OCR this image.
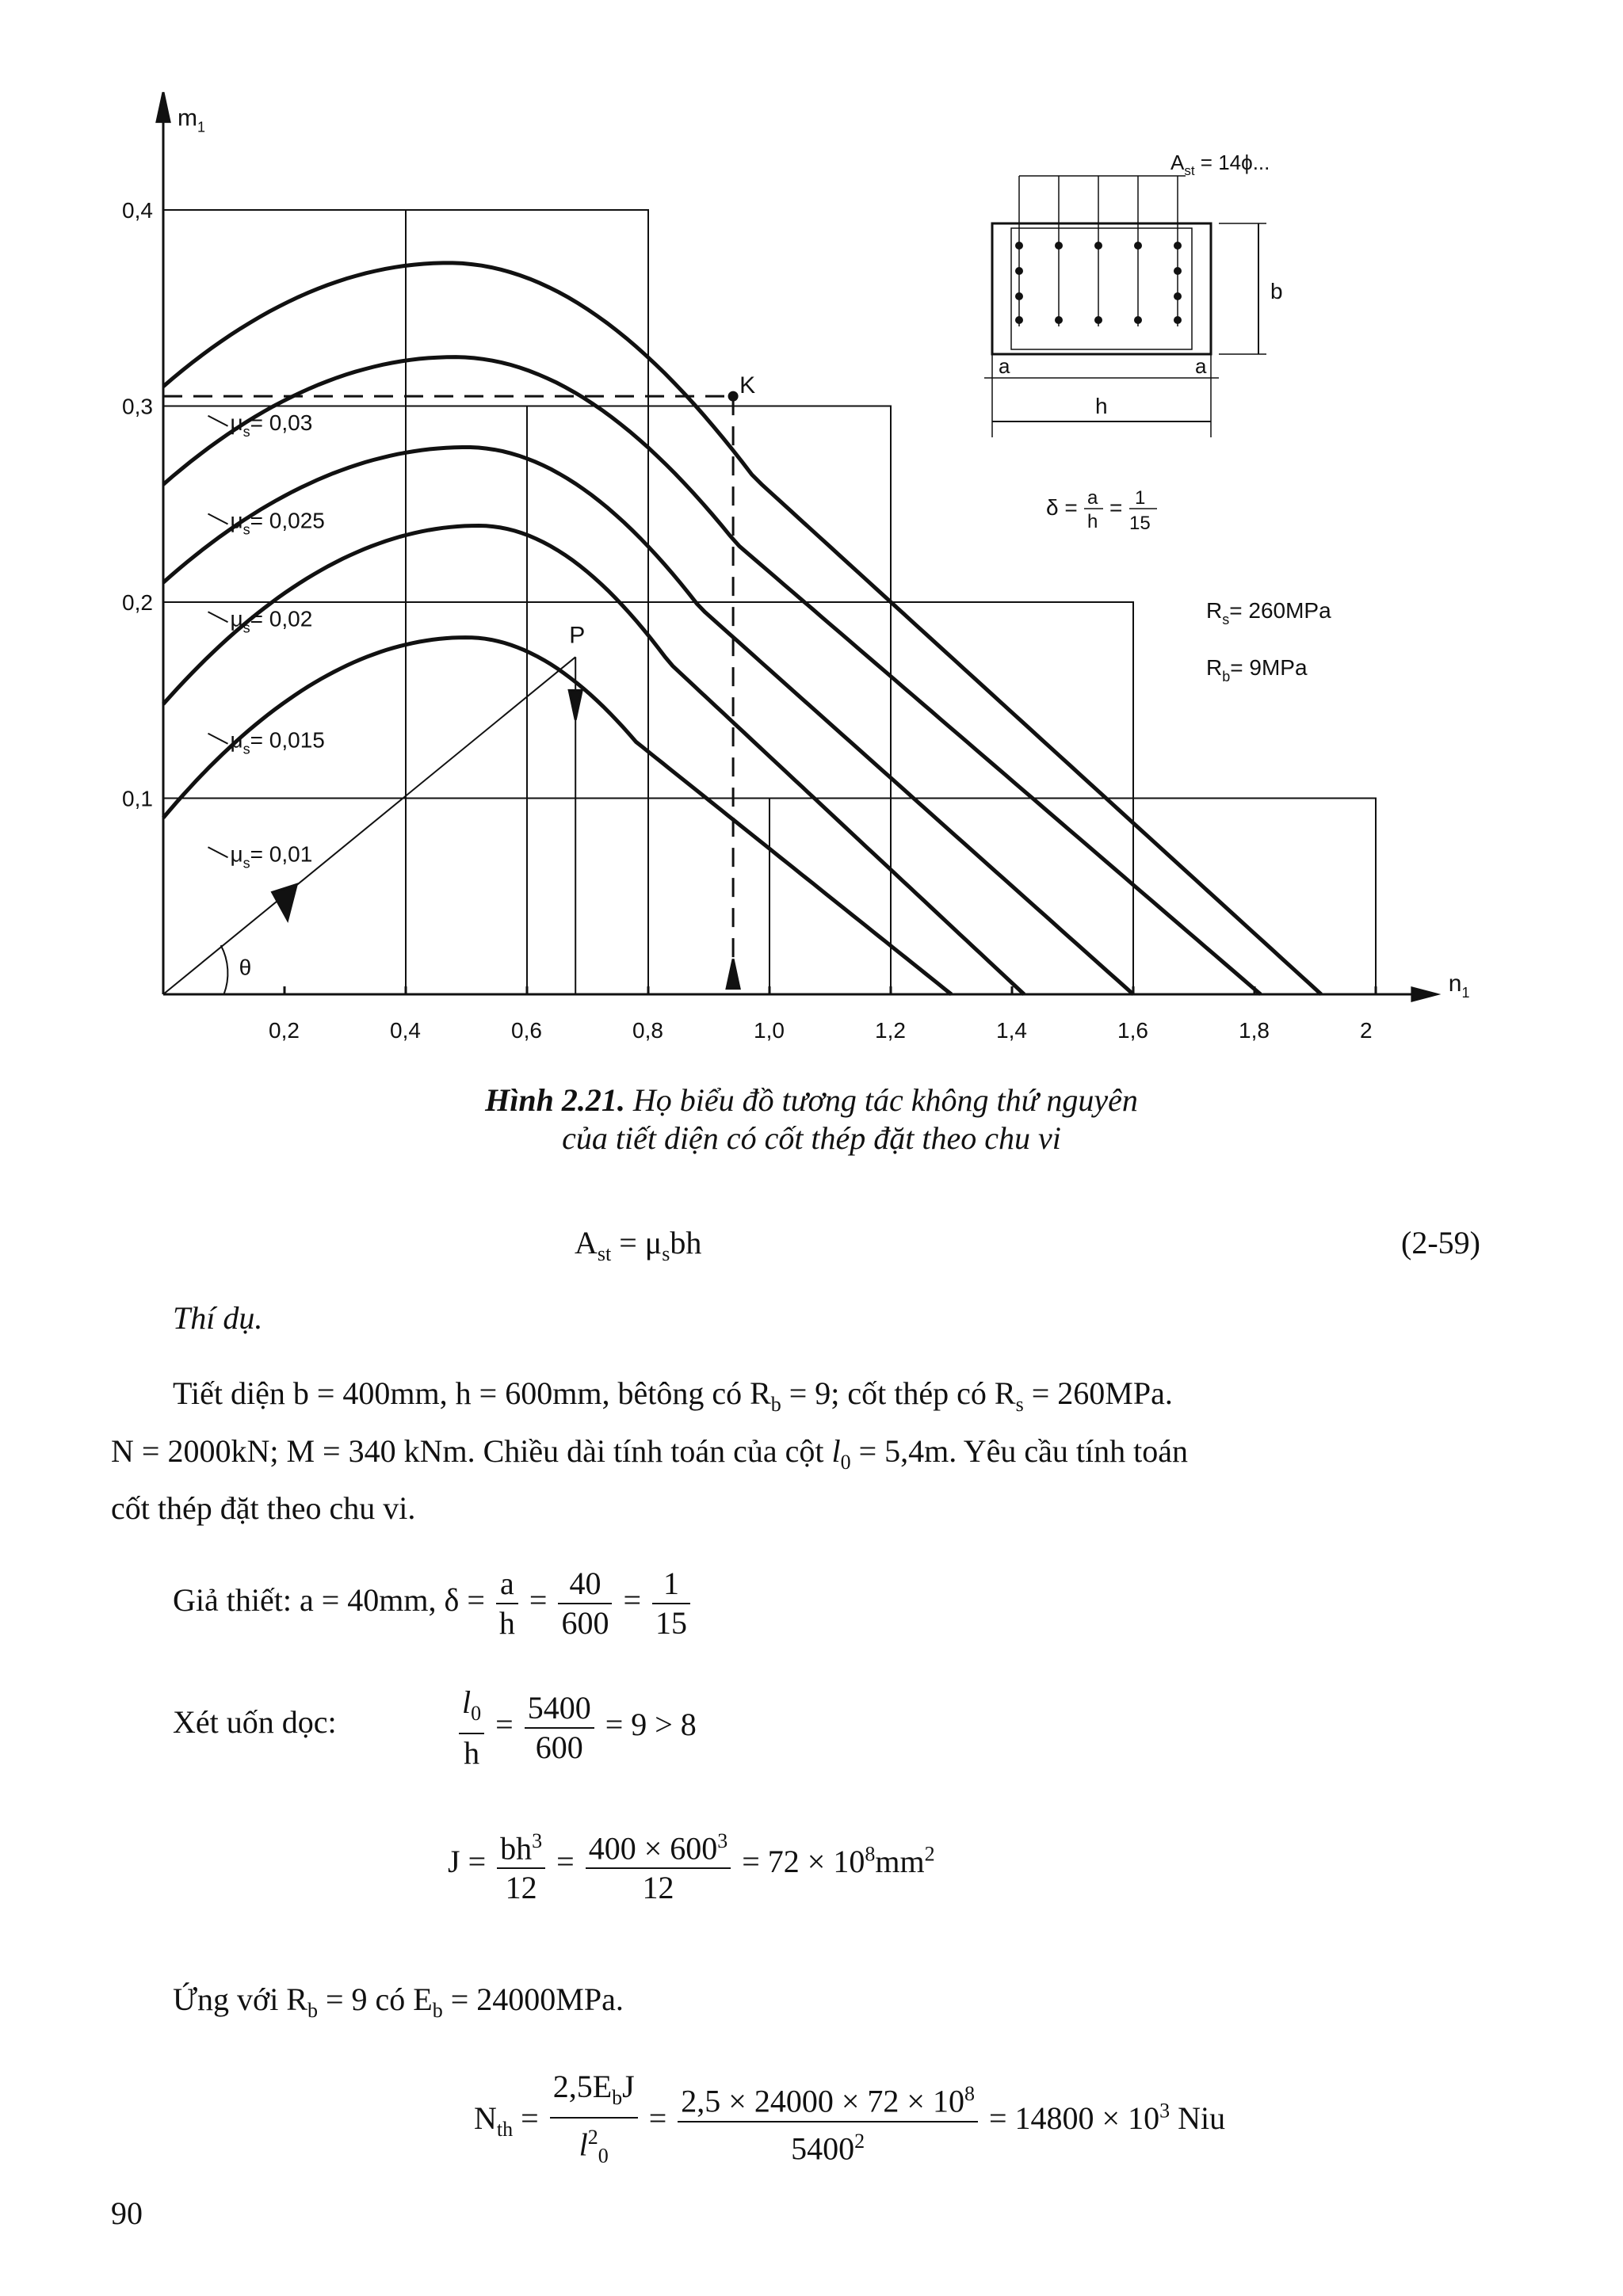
$m_1$
$n_1$
0,2	0,4	0,6	0,8	1,0	1,2	1,4	1,6	1,8	2
0,1
0,2
0,3
0,4
$\mu_s= 0,03$
$\mu_s= 0,025$
$\mu_s= 0,02$
$\mu_s= 0,015$
$\mu_s= 0,01$
K
P
θ
$A_{st} = 14\phi$...
b
a	a
h
δ = a
h
= 1
15
$R_s= 260MPa$
$R_b= 9MPa$
Hình 2.21. Họ biểu đồ tương tác không thứ nguyên
của tiết diện có cốt thép đặt theo chu vi
$A_{st} = \mu_sbh$	(2-59)
Thí dụ.
Tiết diện b = 400mm, h = 600mm, bêtông có $R_b = 9$; cốt thép có $R_s = 260MPa$.
N = 2000kN; M = 340 kNm. Chiều dài tính toán của cột $l_0 = 5,4m$. Yêu cầu tính toán
cốt thép đặt theo chu vi.
Giả thiết: a = 40mm, $\delta = \frac{a}{h} = \frac{40}{600} = \frac{1}{15}$
Xét uốn dọc:	$\frac{l_0}{h} = \frac{5400}{600} = 9 > 8$
$J = \frac{bh^3}{12} = \frac{400 \times 600^3}{12} = 72 \times 10^8mm^2$
Ứng với $R_b = 9$ có $E_b = 24000MPa$.
$N_{th} = \frac{2,5E_bJ}{l^2_0} = \frac{2,5 \times 24000 \times 72 \times 10^8}{5400^2} = 14800 \times 10^3$ Niu
90
